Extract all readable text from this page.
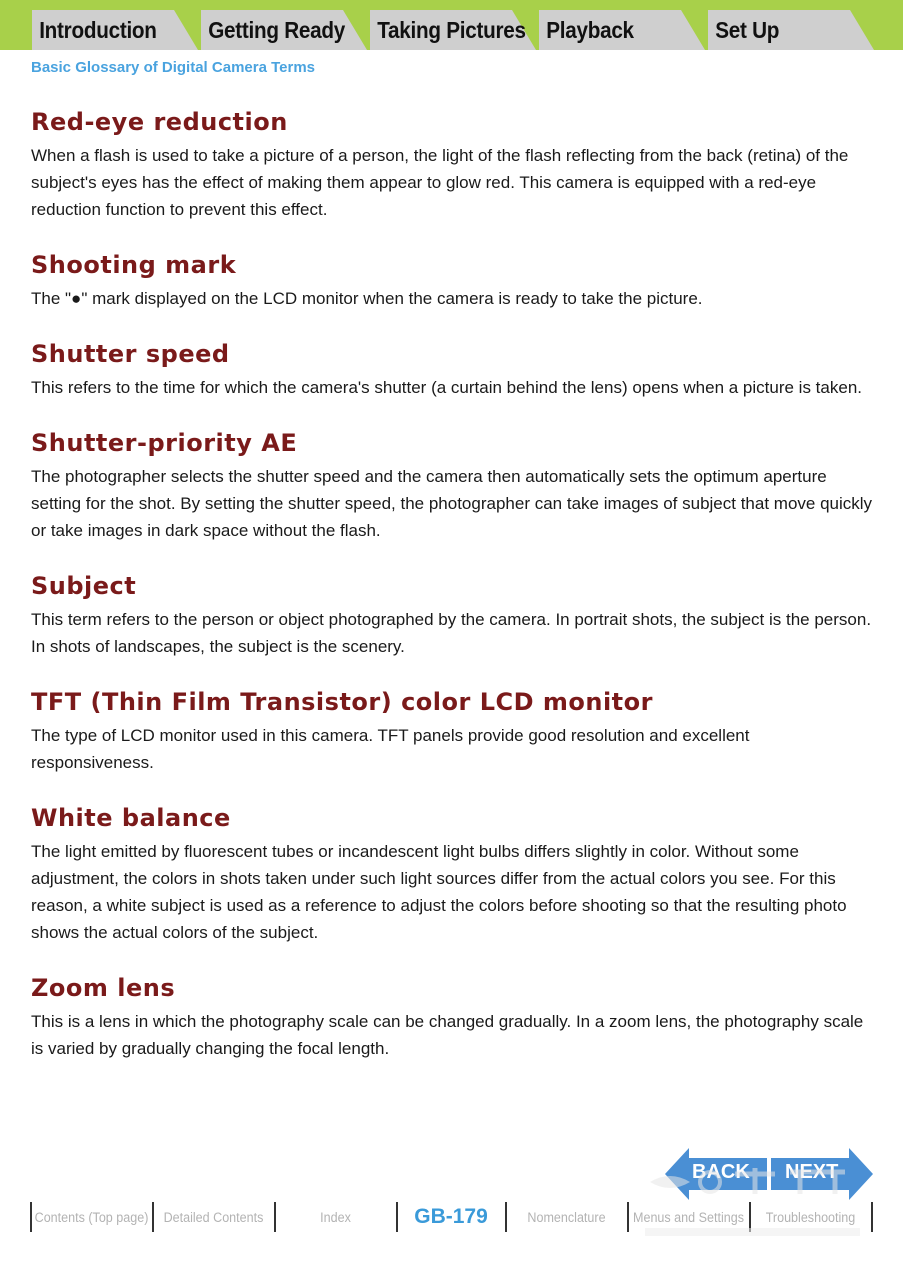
Introduction	Getting Ready	Taking Pictures Playback	Set Up
Basic Glossary of Digital Camera Terms
Red-eye reduction

When a flash is used to take a picture of a person, the light of the flash reflecting from the back (retina) of the subject's eyes has the effect of making them appear to glow red. This camera is equipped with a red-eye reduction function to prevent this effect.

Shooting mark

The "●" mark displayed on the LCD monitor when the camera is ready to take the picture.

Shutter speed

This refers to the time for which the camera's shutter (a curtain behind the lens) opens when a picture is taken.

Shutter-priority AE

The photographer selects the shutter speed and the camera then automatically sets the optimum aperture setting for the shot. By setting the shutter speed, the photographer can take images of subject that move quickly or take images in dark space without the flash.

Subject

This term refers to the person or object photographed by the camera. In portrait shots, the subject is the person. In shots of landscapes, the subject is the scenery.

TFT (Thin Film Transistor) color LCD monitor

The type of LCD monitor used in this camera. TFT panels provide good resolution and excellent responsiveness.

White balance

The light emitted by fluorescent tubes or incandescent light bulbs differs slightly in color. Without some adjustment, the colors in shots taken under such light sources differ from the actual colors you see. For this reason, a white subject is used as a reference to adjust the colors before shooting so that the resulting photo shows the actual colors of the subject.

Zoom lens

This is a lens in which the photography scale can be changed gradually. In a zoom lens, the photography scale is varied by gradually changing the focal length.

BACK NEXT
Contents (Top page)	Detailed Contents	Index	GB-179	Nomenclature	Menus and Settings	Troubleshooting
